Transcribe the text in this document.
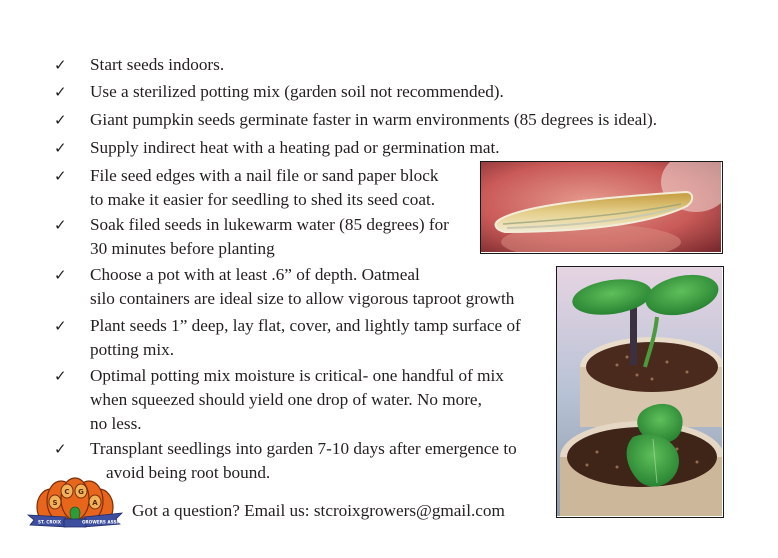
✓ Start seeds indoors.
✓ Use a sterilized potting mix (garden soil not recommended).
✓ Giant pumpkin seeds germinate faster in warm environments (85 degrees is ideal).
✓ Supply indirect heat with a heating pad or germination mat.
✓ File seed edges with a nail file or sand paper block
to make it easier for seedling to shed its seed coat.
✓ Soak filed seeds in lukewarm water (85 degrees) for
30 minutes before planting
✓ Choose a pot with at least .6” of depth. Oatmeal
silo containers are ideal size to allow vigorous taproot growth
✓ Plant seeds 1” deep, lay flat, cover, and lightly tamp surface of
potting mix.
✓ Optimal potting mix moisture is critical- one handful of mix
when squeezed should yield one drop of water. No more,
no less.
✓ Transplant seedlings into garden 7-10 days after emergence to
avoid being root bound.
S
C G
A
ST. CROIX	GROWERS ASSN
Got a question? Email us: stcroixgrowers@gmail.com
